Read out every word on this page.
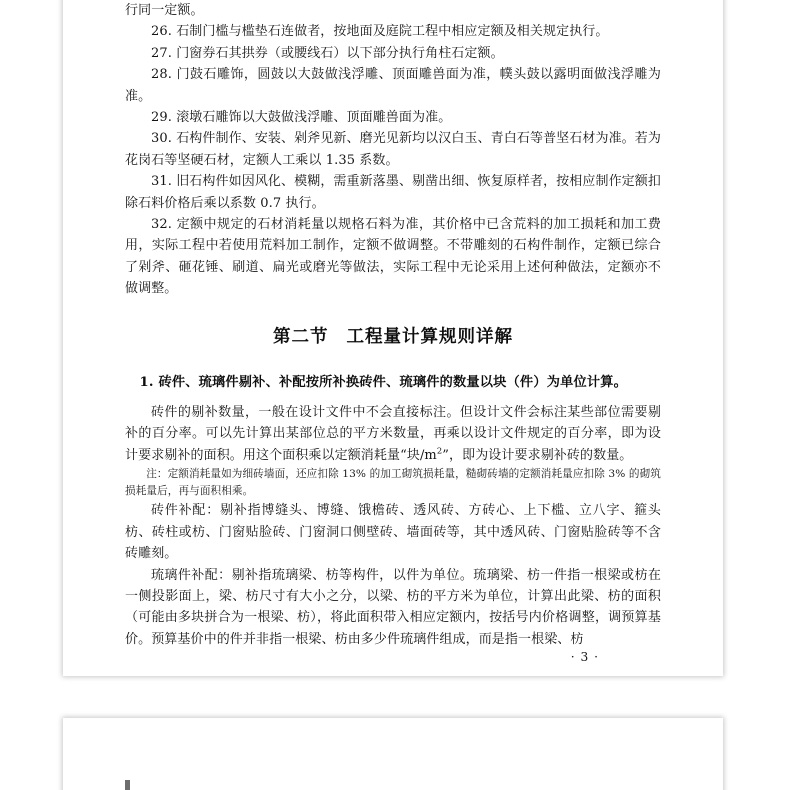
行同一定额。

26. 石制门槛与槛垫石连做者，按地面及庭院工程中相应定额及相关规定执行。

27. 门窗券石其拱券（或腰线石）以下部分执行角柱石定额。

28. 门鼓石雕饰，圆鼓以大鼓做浅浮雕、顶面雕兽面为准，幞头鼓以露明面做浅浮雕为准。

29. 滚墩石雕饰以大鼓做浅浮雕、顶面雕兽面为准。

30. 石构件制作、安装、剁斧见新、磨光见新均以汉白玉、青白石等普坚石材为准。若为花岗石等坚硬石材，定额人工乘以 1.35 系数。

31. 旧石构件如因风化、模糊，需重新落墨、剔凿出细、恢复原样者，按相应制作定额扣除石料价格后乘以系数 0.7 执行。

32. 定额中规定的石材消耗量以规格石料为准，其价格中已含荒料的加工损耗和加工费用，实际工程中若使用荒料加工制作，定额不做调整。不带雕刻的石构件制作，定额已综合了剁斧、砸花锤、刷道、扁光或磨光等做法，实际工程中无论采用上述何种做法，定额亦不做调整。

第二节 工程量计算规则详解
1. 砖件、琉璃件剔补、补配按所补换砖件、琉璃件的数量以块（件）为单位计算。

砖件的剔补数量，一般在设计文件中不会直接标注。但设计文件会标注某些部位需要剔补的百分率。可以先计算出某部位总的平方米数量，再乘以设计文件规定的百分率，即为设计要求剔补的面积。用这个面积乘以定额消耗量“块$/m^2$”，即为设计要求剔补砖的数量。

注：定额消耗量如为细砖墙面，还应扣除 13% 的加工砌筑损耗量，糙砌砖墙的定额消耗量应扣除 3% 的砌筑损耗量后，再与面积相乘。

砖件补配：剔补指博缝头、博缝、饿檐砖、透风砖、方砖心、上下槛、立八字、箍头枋、砖柱或枋、门窗贴脸砖、门窗洞口侧壁砖、墙面砖等，其中透风砖、门窗贴脸砖等不含砖雕刻。

琉璃件补配：剔补指琉璃梁、枋等构件，以件为单位。琉璃梁、枋一件指一根梁或枋在一侧投影面上，梁、枋尺寸有大小之分，以梁、枋的平方米为单位，计算出此梁、枋的面积（可能由多块拼合为一根梁、枋），将此面积带入相应定额内，按括号内价格调整，调预算基价。预算基价中的件并非指一根梁、枋由多少件琉璃件组成，而是指一根梁、枋

· 3 ·
